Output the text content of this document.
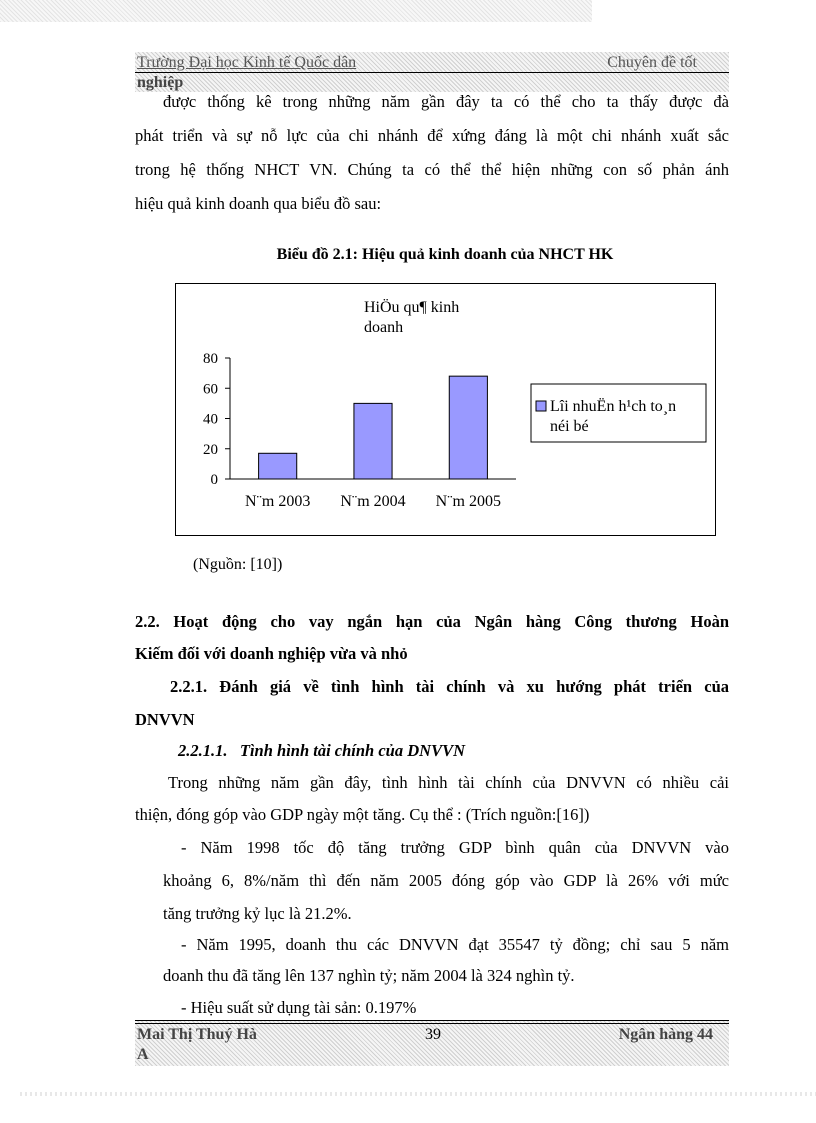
Trường Đại học Kinh tế Quốc dân	Chuyên đề tốt
nghiệp
được thống kê trong những năm gần đây ta có thể cho ta thấy được đà
phát triển và sự nỗ lực của chi nhánh để xứng đáng là một chi nhánh xuất sắc
trong hệ thống NHCT VN. Chúng ta có thể thể hiện những con số phản ánh
hiệu quả kinh doanh qua biểu đồ sau:
Biểu đồ 2.1: Hiệu quả kinh doanh của NHCT HK
HiÖu qu¶ kinh
doanh
80
60
40
20
0
N¨m 2003 N¨m 2004 N¨m 2005
Lîi nhuËn h¹ch to¸n
néi bé
(Nguồn: [10])
2.2. Hoạt động cho vay ngắn hạn của Ngân hàng Công thương Hoàn
Kiếm đối với doanh nghiệp vừa và nhỏ
2.2.1. Đánh giá về tình hình tài chính và xu hướng phát triển của
DNVVN
2.2.1.1.   Tình hình tài chính của DNVVN
Trong những năm gần đây, tình hình tài chính của DNVVN có nhiều cải
thiện, đóng góp vào GDP ngày một tăng. Cụ thể : (Trích nguồn:[16])
- Năm 1998 tốc độ tăng trưởng GDP bình quân của DNVVN vào
khoảng 6, 8%/năm thì đến năm 2005 đóng góp vào GDP là 26% với mức
tăng trưởng kỷ lục là 21.2%.
- Năm 1995, doanh thu các DNVVN đạt 35547 tỷ đồng; chỉ sau 5 năm
doanh thu đã tăng lên 137 nghìn tỷ; năm 2004 là 324 nghìn tỷ.
- Hiệu suất sử dụng tài sản: 0.197%
Mai Thị Thuý Hà	39	Ngân hàng 44
A
